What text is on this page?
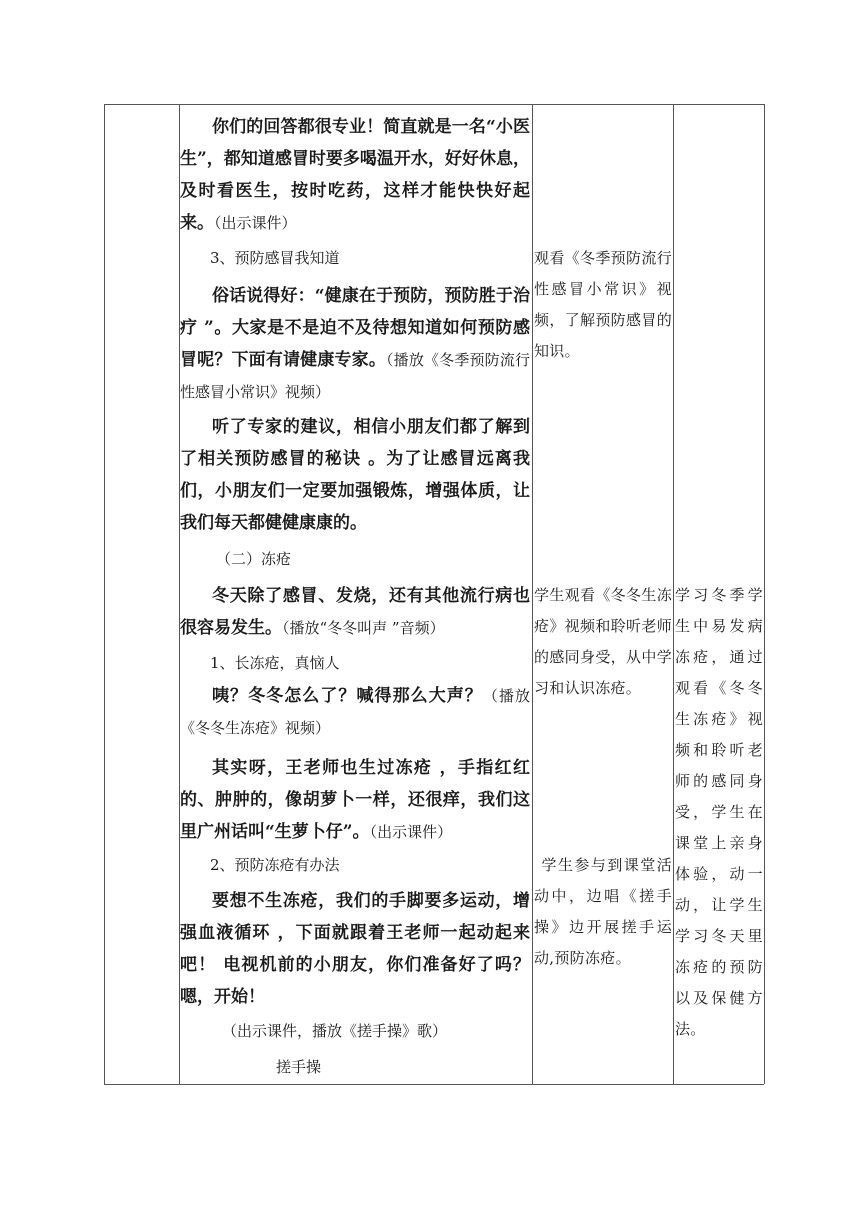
你们的回答都很专业！简直就是一名“小医生”，都知道感冒时要多喝温开水，好好休息，及时看医生，按时吃药，这样才能快快好起来。（出示课件）

3、预防感冒我知道

俗话说得好：“健康在于预防，预防胜于治疗 ”。大家是不是迫不及待想知道如何预防感冒呢？下面有请健康专家。（播放《冬季预防流行性感冒小常识》视频）

听了专家的建议，相信小朋友们都了解到了相关预防感冒的秘诀 。为了让感冒远离我们，小朋友们一定要加强锻炼，增强体质，让我们每天都健健康康的。

（二）冻疮

冬天除了感冒、发烧，还有其他流行病也很容易发生。（播放“冬冬叫声 ”音频）

1、长冻疮，真恼人

咦？冬冬怎么了？喊得那么大声？（播放《冬冬生冻疮》视频）

其实呀，王老师也生过冻疮 ，手指红红的、肿肿的，像胡萝卜一样，还很痒，我们这里广州话叫“生萝卜仔”。（出示课件）

2、预防冻疮有办法

要想不生冻疮，我们的手脚要多运动，增强血液循环 ，下面就跟着王老师一起动起来吧！ 电视机前的小朋友，你们准备好了吗？嗯，开始！

（出示课件，播放《搓手操》歌）

搓手操

观看《冬季预防流行性感冒小常识》视频，了解预防感冒的知识。

学生观看《冬冬生冻疮》视频和聆听老师的感同身受，从中学习和认识冻疮。

学生参与到课堂活动中，边唱《搓手操》边开展搓手运动,预防冻疮。

学习冬季学生中易发病冻疮，通过观看《冬冬生冻疮》视频和聆听老师的感同身受，学生在课堂上亲身体验，动一动，让学生学习冬天里冻疮的预防以及保健方法。
